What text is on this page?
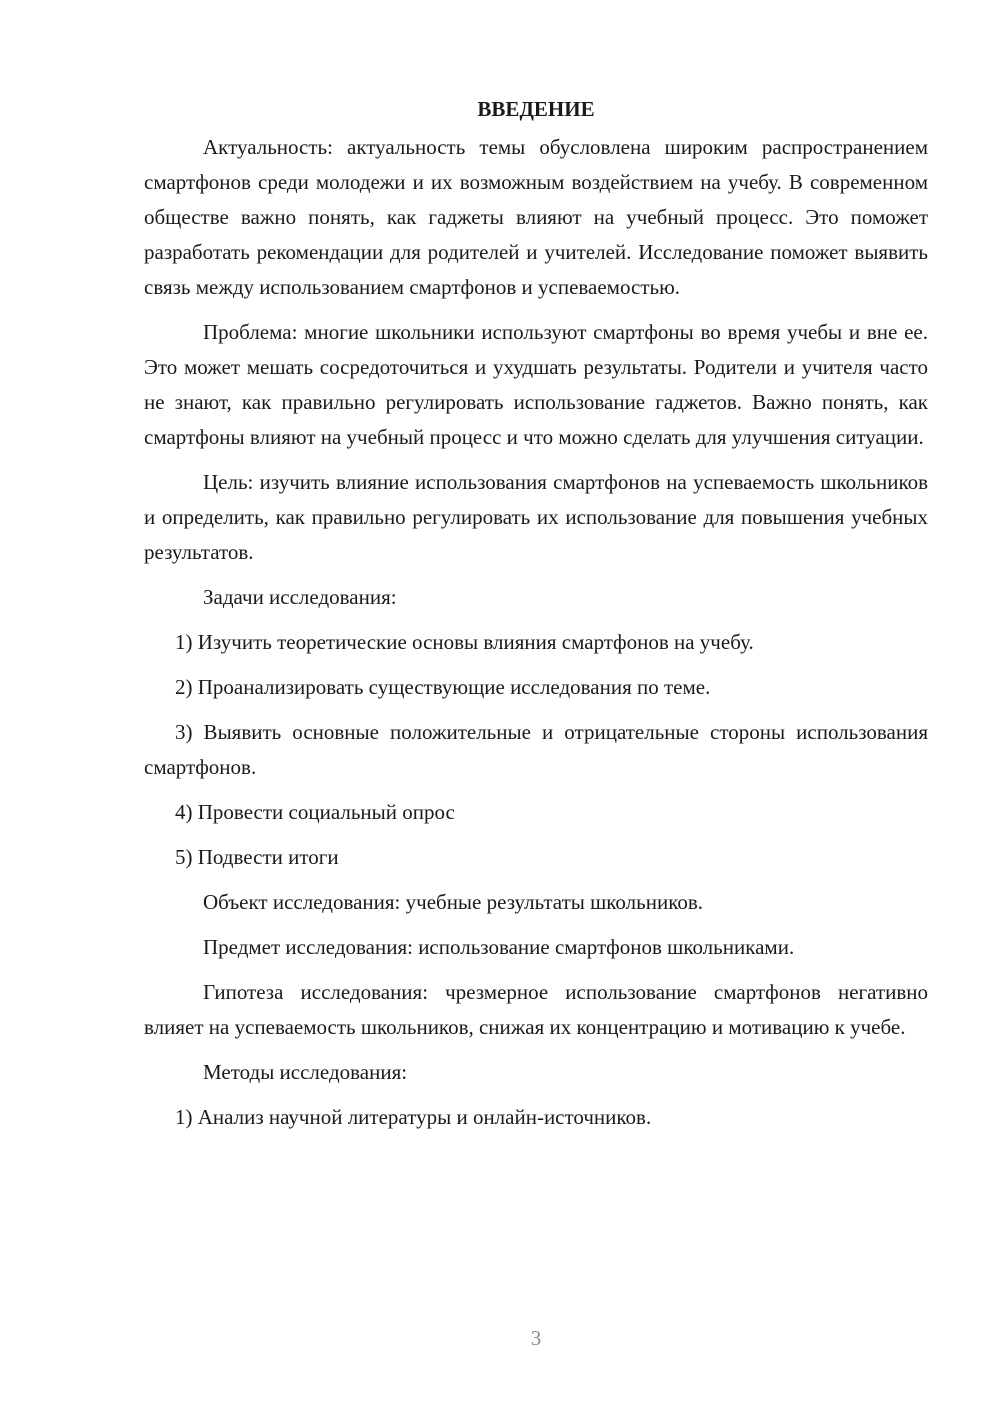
ВВЕДЕНИЕ

Актуальность: актуальность темы обусловлена широким распространением смартфонов среди молодежи и их возможным воздействием на учебу. В современном обществе важно понять, как гаджеты влияют на учебный процесс. Это поможет разработать рекомендации для родителей и учителей. Исследование поможет выявить связь между использованием смартфонов и успеваемостью.

Проблема: многие школьники используют смартфоны во время учебы и вне ее. Это может мешать сосредоточиться и ухудшать результаты. Родители и учителя часто не знают, как правильно регулировать использование гаджетов. Важно понять, как смартфоны влияют на учебный процесс и что можно сделать для улучшения ситуации.

Цель: изучить влияние использования смартфонов на успеваемость школьников и определить, как правильно регулировать их использование для повышения учебных результатов.

Задачи исследования:

1) Изучить теоретические основы влияния смартфонов на учебу.

2) Проанализировать существующие исследования по теме.

3) Выявить основные положительные и отрицательные стороны использования смартфонов.

4) Провести социальный опрос

5) Подвести итоги

Объект исследования: учебные результаты школьников.

Предмет исследования: использование смартфонов школьниками.

Гипотеза исследования: чрезмерное использование смартфонов негативно влияет на успеваемость школьников, снижая их концентрацию и мотивацию к учебе.

Методы исследования:

1) Анализ научной литературы и онлайн-источников.

3
